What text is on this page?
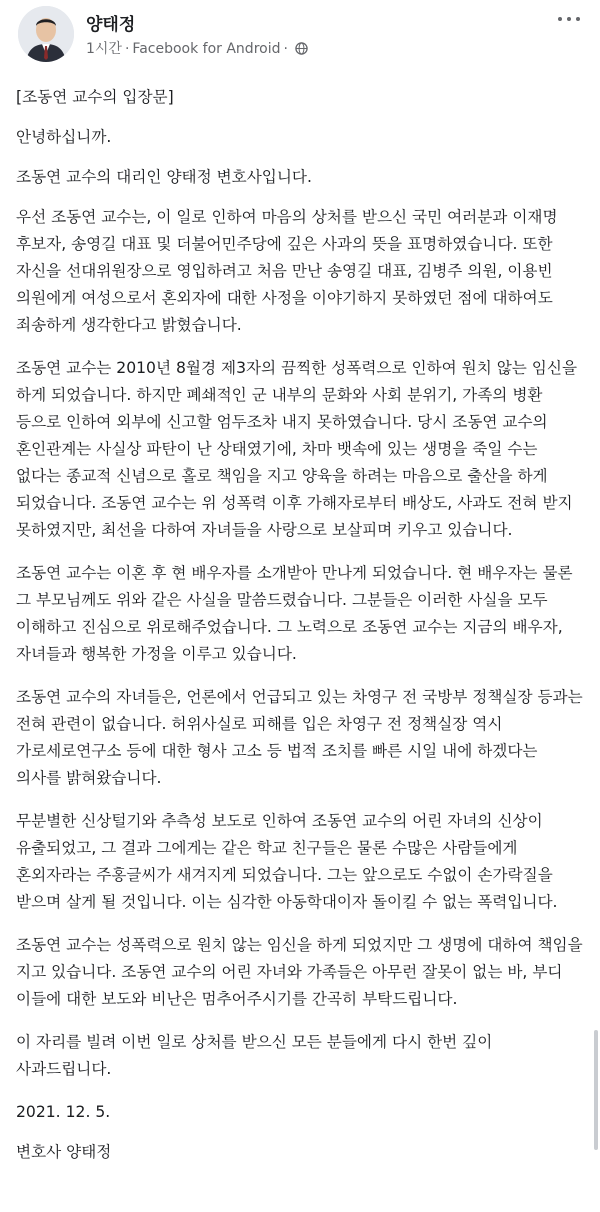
양태정
1시간 · Facebook for Android ·

[조동연 교수의 입장문]

안녕하십니까.

조동연 교수의 대리인 양태정 변호사입니다.

우선 조동연 교수는, 이 일로 인하여 마음의 상처를 받으신 국민 여러분과 이재명 후보자, 송영길 대표 및 더불어민주당에 깊은 사과의 뜻을 표명하였습니다. 또한 자신을 선대위원장으로 영입하려고 처음 만난 송영길 대표, 김병주 의원, 이용빈 의원에게 여성으로서 혼외자에 대한 사정을 이야기하지 못하였던 점에 대하여도 죄송하게 생각한다고 밝혔습니다.

조동연 교수는 2010년 8월경 제3자의 끔찍한 성폭력으로 인하여 원치 않는 임신을 하게 되었습니다. 하지만 폐쇄적인 군 내부의 문화와 사회 분위기, 가족의 병환 등으로 인하여 외부에 신고할 엄두조차 내지 못하였습니다. 당시 조동연 교수의 혼인관계는 사실상 파탄이 난 상태였기에, 차마 뱃속에 있는 생명을 죽일 수는 없다는 종교적 신념으로 홀로 책임을 지고 양육을 하려는 마음으로 출산을 하게 되었습니다. 조동연 교수는 위 성폭력 이후 가해자로부터 배상도, 사과도 전혀 받지 못하였지만, 최선을 다하여 자녀들을 사랑으로 보살피며 키우고 있습니다.

조동연 교수는 이혼 후 현 배우자를 소개받아 만나게 되었습니다. 현 배우자는 물론 그 부모님께도 위와 같은 사실을 말씀드렸습니다. 그분들은 이러한 사실을 모두 이해하고 진심으로 위로해주었습니다. 그 노력으로 조동연 교수는 지금의 배우자, 자녀들과 행복한 가정을 이루고 있습니다.

조동연 교수의 자녀들은, 언론에서 언급되고 있는 차영구 전 국방부 정책실장 등과는 전혀 관련이 없습니다. 허위사실로 피해를 입은 차영구 전 정책실장 역시 가로세로연구소 등에 대한 형사 고소 등 법적 조치를 빠른 시일 내에 하겠다는 의사를 밝혀왔습니다.

무분별한 신상털기와 추측성 보도로 인하여 조동연 교수의 어린 자녀의 신상이 유출되었고, 그 결과 그에게는 같은 학교 친구들은 물론 수많은 사람들에게 혼외자라는 주홍글씨가 새겨지게 되었습니다. 그는 앞으로도 수없이 손가락질을 받으며 살게 될 것입니다. 이는 심각한 아동학대이자 돌이킬 수 없는 폭력입니다.

조동연 교수는 성폭력으로 원치 않는 임신을 하게 되었지만 그 생명에 대하여 책임을 지고 있습니다. 조동연 교수의 어린 자녀와 가족들은 아무런 잘못이 없는 바, 부디 이들에 대한 보도와 비난은 멈추어주시기를 간곡히 부탁드립니다.

이 자리를 빌려 이번 일로 상처를 받으신 모든 분들에게 다시 한번 깊이 사과드립니다.

2021. 12. 5.

변호사 양태정
